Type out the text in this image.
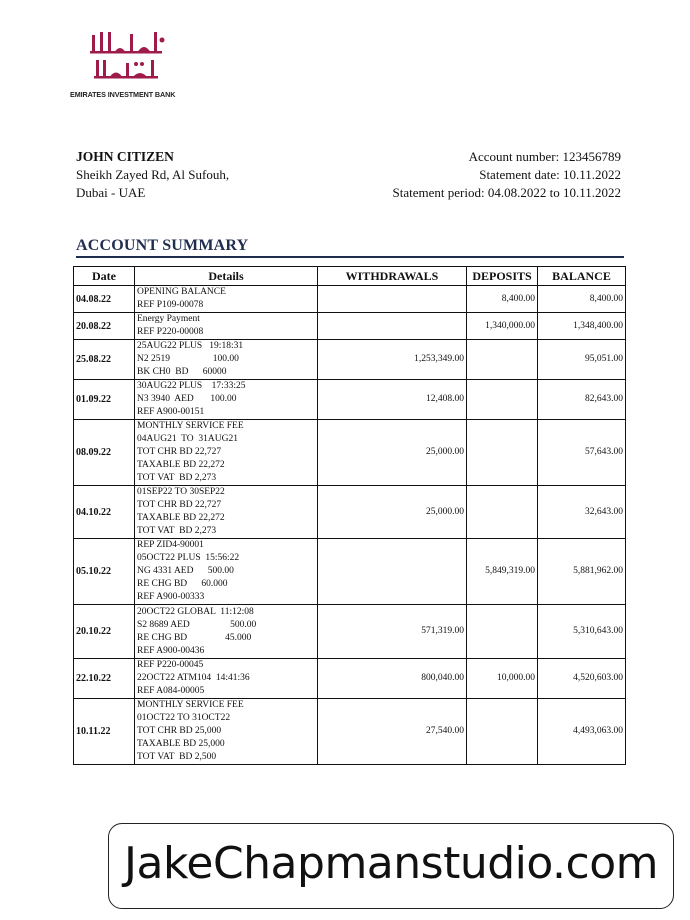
EMIRATES INVESTMENT BANK
JOHN CITIZEN
Sheikh Zayed Rd, Al Sufouh,
Dubai - UAE
Account number: 123456789
Statement date: 10.11.2022
Statement period: 04.08.2022 to 10.11.2022
ACCOUNT SUMMARY
Date	Details	WITHDRAWALS	DEPOSITS	BALANCE
04.08.22	OPENING BALANCE
REF P109-00078		8,400.00	8,400.00
20.08.22	Energy Payment
REF P220-00008		1,340,000.00	1,348,400.00
25.08.22	25AUG22 PLUS   19:18:31
N2 2519                  100.00
BK CH0  BD      60000	1,253,349.00		95,051.00
01.09.22	30AUG22 PLUS    17:33:25
N3 3940  AED       100.00
REF A900-00151	12,408.00		82,643.00
08.09.22	MONTHLY SERVICE FEE
04AUG21  TO  31AUG21
TOT CHR BD 22,727
TAXABLE BD 22,272
TOT VAT  BD 2,273	25,000.00		57,643.00
04.10.22	01SEP22 TO 30SEP22
TOT CHR BD 22,727
TAXABLE BD 22,272
TOT VAT  BD 2,273	25,000.00		32,643.00
05.10.22	REP ZID4-90001
05OCT22 PLUS  15:56:22
NG 4331 AED      500.00
RE CHG BD      60.000
REF A900-00333		5,849,319.00	5,881,962.00
20.10.22	20OCT22 GLOBAL  11:12:08
S2 8689 AED                 500.00
RE CHG BD                45.000
REF A900-00436	571,319.00		5,310,643.00
22.10.22	REF P220-00045
22OCT22 ATM104  14:41:36
REF A084-00005	800,040.00	10,000.00	4,520,603.00
10.11.22	MONTHLY SERVICE FEE
01OCT22 TO 31OCT22
TOT CHR BD 25,000
TAXABLE BD 25,000
TOT VAT  BD 2,500	27,540.00		4,493,063.00
JakeChapmanstudio.com
